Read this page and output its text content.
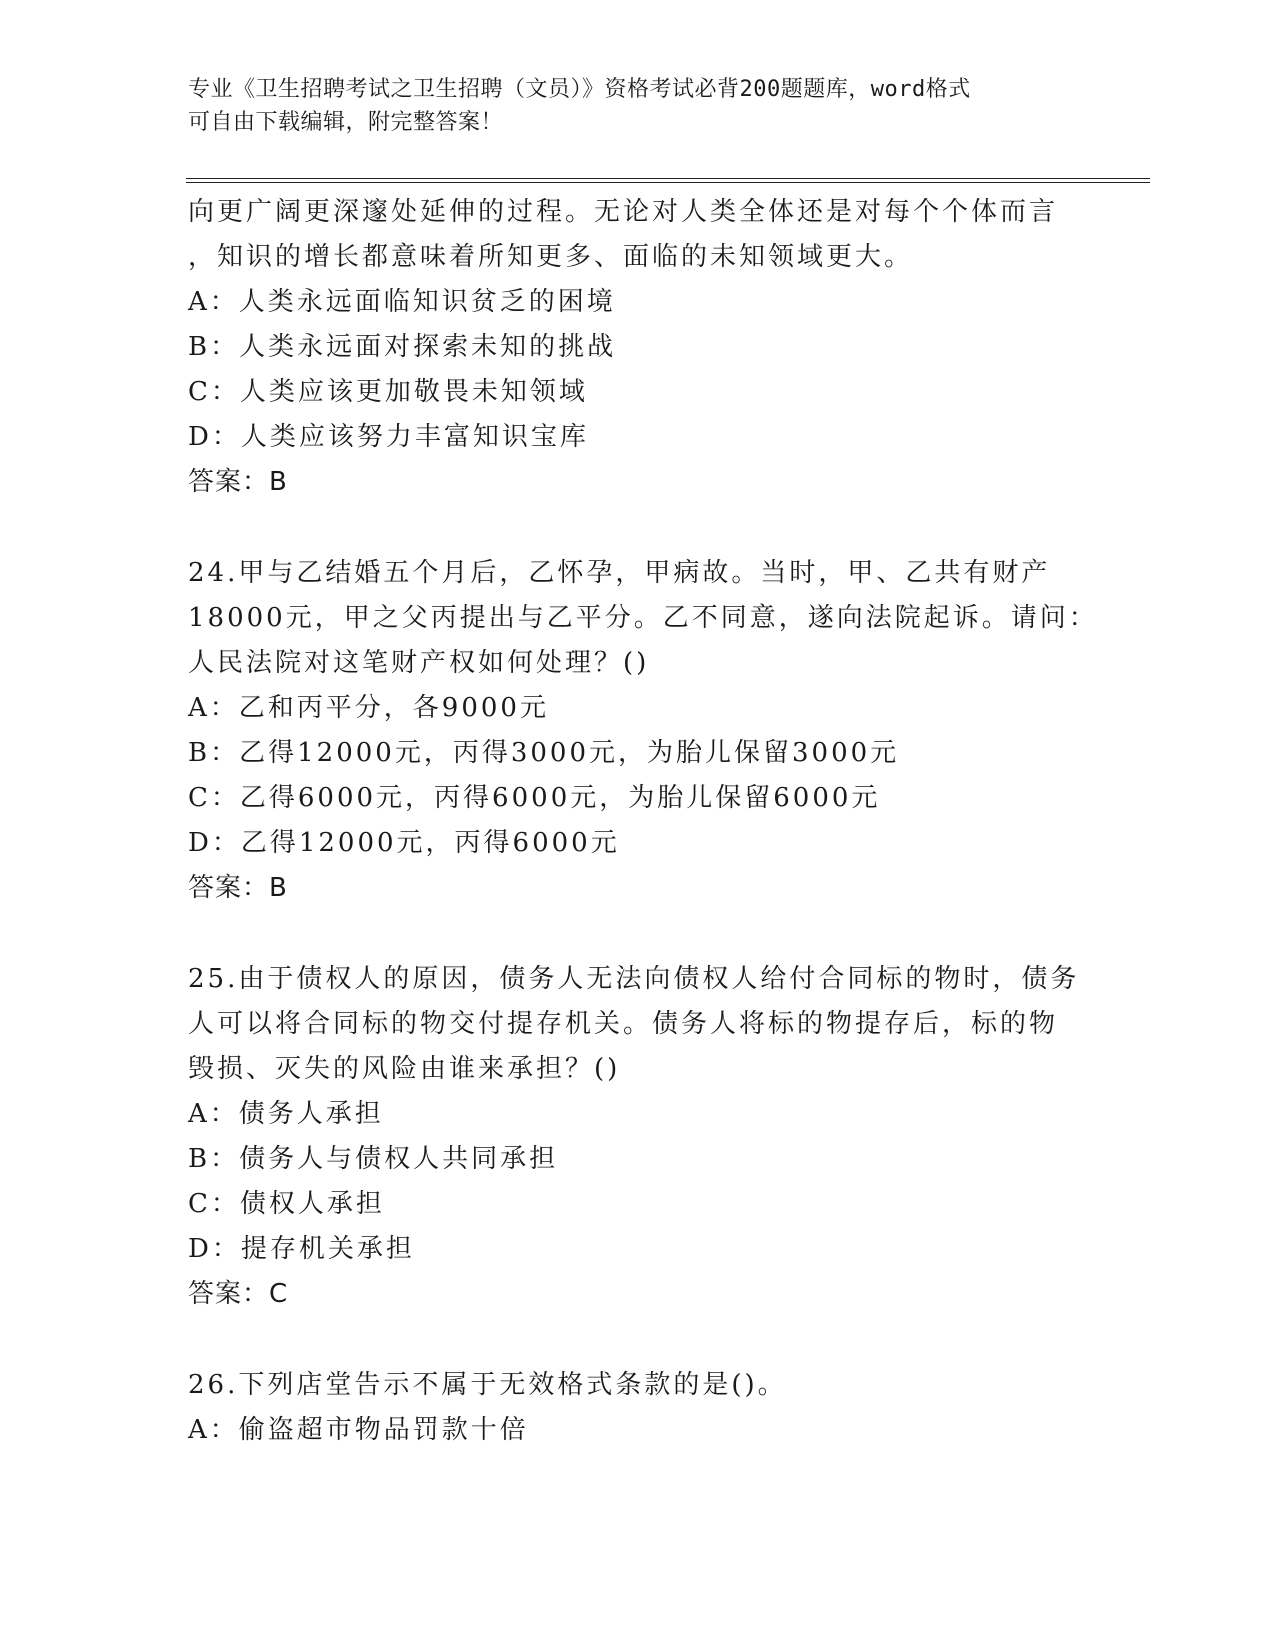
专业《卫生招聘考试之卫生招聘（文员）》资格考试必背200题题库，word格式
可自由下载编辑，附完整答案！
向更广阔更深邃处延伸的过程。无论对人类全体还是对每个个体而言
，知识的增长都意味着所知更多、面临的未知领域更大。
A：人类永远面临知识贫乏的困境
B：人类永远面对探索未知的挑战
C：人类应该更加敬畏未知领域
D：人类应该努力丰富知识宝库
答案：B
24.甲与乙结婚五个月后，乙怀孕，甲病故。当时，甲、乙共有财产
18000元，甲之父丙提出与乙平分。乙不同意，遂向法院起诉。请问：
人民法院对这笔财产权如何处理？()
A：乙和丙平分，各9000元
B：乙得12000元，丙得3000元，为胎儿保留3000元
C：乙得6000元，丙得6000元，为胎儿保留6000元
D：乙得12000元，丙得6000元
答案：B
25.由于债权人的原因，债务人无法向债权人给付合同标的物时，债务
人可以将合同标的物交付提存机关。债务人将标的物提存后，标的物
毁损、灭失的风险由谁来承担？()
A：债务人承担
B：债务人与债权人共同承担
C：债权人承担
D：提存机关承担
答案：C
26.下列店堂告示不属于无效格式条款的是()。
A：偷盗超市物品罚款十倍
